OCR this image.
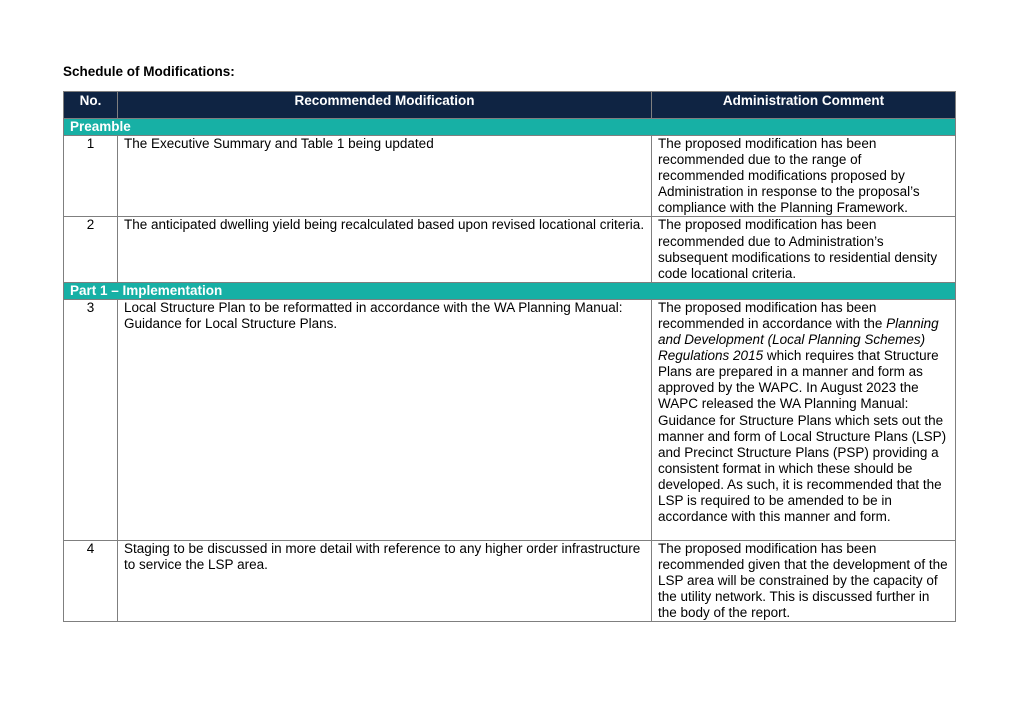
Schedule of Modifications:

No.	Recommended Modification	Administration Comment
Preamble		
1	The Executive Summary and Table 1 being updated	The proposed modification has been recommended due to the range of recommended modifications proposed by Administration in response to the proposal’s compliance with the Planning Framework.
2	The anticipated dwelling yield being recalculated based upon revised locational criteria.	The proposed modification has been recommended due to Administration’s subsequent modifications to residential density code locational criteria.
Part 1 – Implementation		
3	Local Structure Plan to be reformatted in accordance with the WA Planning Manual: Guidance for Local Structure Plans.	The proposed modification has been recommended in accordance with the Planning and Development (Local Planning Schemes) Regulations 2015 which requires that Structure Plans are prepared in a manner and form as approved by the WAPC. In August 2023 the WAPC released the WA Planning Manual: Guidance for Structure Plans which sets out the manner and form of Local Structure Plans (LSP) and Precinct Structure Plans (PSP) providing a consistent format in which these should be developed. As such, it is recommended that the LSP is required to be amended to be in accordance with this manner and form.
4	Staging to be discussed in more detail with reference to any higher order infrastructure to service the LSP area.	The proposed modification has been recommended given that the development of the LSP area will be constrained by the capacity of the utility network. This is discussed further in the body of the report.
